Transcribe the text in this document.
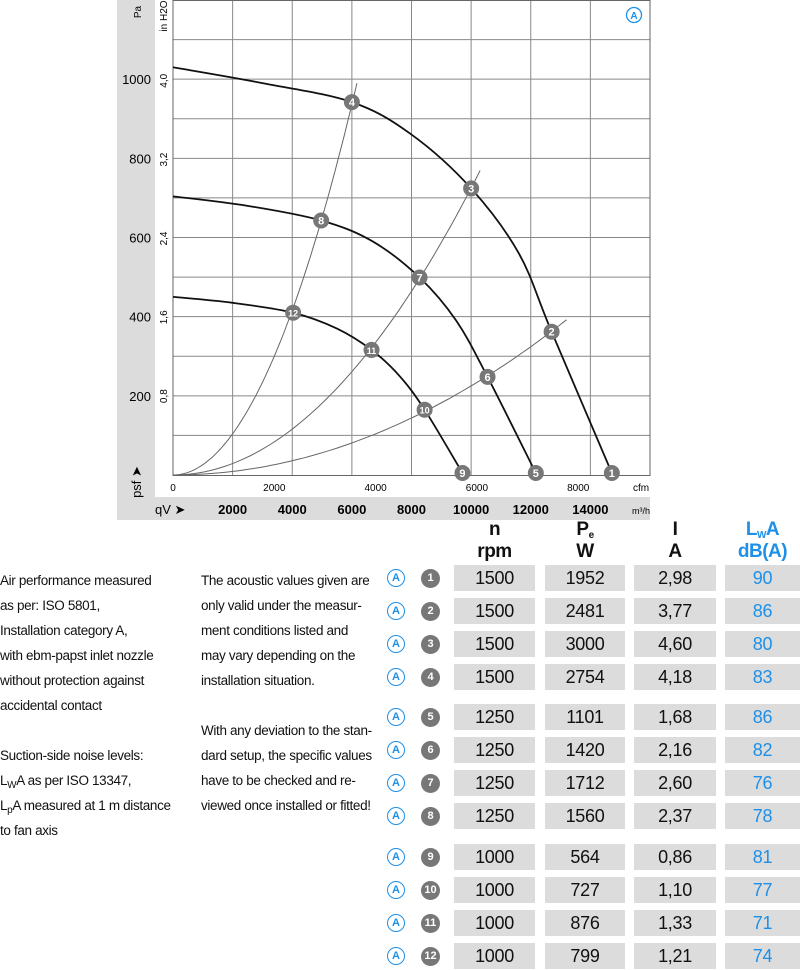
200
400
600
800
1000
0,8
1,6
2,4
3,2
4,0
Pa in H2O
psf ➤	0	2000	4000	6000	8000	cfm
2000 4000 6000 8000 10000 12000 14000	m³/h
qV ➤
1
2
3
4
5
6
7
8
9
10
11
12
A

Air performance measured

as per: ISO 5801,

Installation category A,

with ebm-papst inlet nozzle

without protection against

accidental contact

Suction-side noise levels:

$L_WA$ as per ISO 13347,

$L_pA$ measured at 1 m distance

to fan axis

The acoustic values given are

only valid under the measur-

ment conditions listed and

may vary depending on the

installation situation.

With any deviation to the stan-

dard setup, the specific values

have to be checked and re-

viewed once installed or fitted!

n
rpm
$P_e$
W
I
A
$L_WA$
dB(A)
A	1	1500	1952	2,98	90
A	2	1500	2481	3,77	86
A	3	1500	3000	4,60	80
A	4	1500	2754	4,18	83
A	5	1250	1101	1,68	86
A	6	1250	1420	2,16	82
A	7	1250	1712	2,60	76
A	8	1250	1560	2,37	78
A	9	1000	564	0,86	81
A	10	1000	727	1,10	77
A	11	1000	876	1,33	71
A	12	1000	799	1,21	74
